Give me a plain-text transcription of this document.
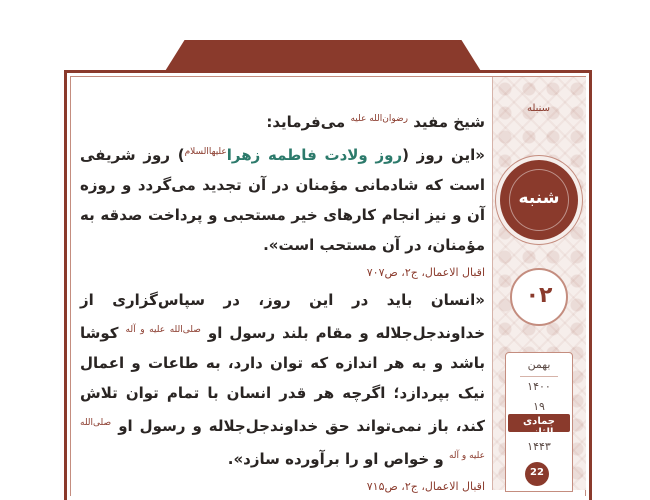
منتخبی از اعمال هفته برگرفته از کتاب اقبال الاعمال
سنبله
شنبه
۰۲
بهمن
۱۴۰۰
۱۹
جمادی الثانی
۱۴۴۳
22

شیخ مفید $^{رضوان‌الله علیه}$ می‌فرماید:

«این روز (روز ولادت فاطمه زهرا$^{علیهاالسلام}$) روز شریفی است که شادمانی مؤمنان در آن تجدید می‌گردد و روزه آن و نیز انجام کارهای خیر مستحبی و پرداخت صدقه به مؤمنان، در آن مستحب است».

اقبال الاعمال، ج۲، ص۷۰۷

«انسان باید در این روز، در سپاس‌گزاری از خداوندجل‌جلاله و مقام بلند رسول او $^{صلی‌الله علیه و آله}$ کوشا باشد و به هر اندازه که توان دارد، به طاعات و اعمال نیک بپردازد؛ اگرچه هر قدر انسان با تمام توان تلاش کند، باز نمی‌تواند حق خداوندجل‌جلاله و رسول او $^{صلی‌الله علیه و آله}$ و خواص او را برآورده سازد».

اقبال الاعمال، ج۲، ص۷۱۵
